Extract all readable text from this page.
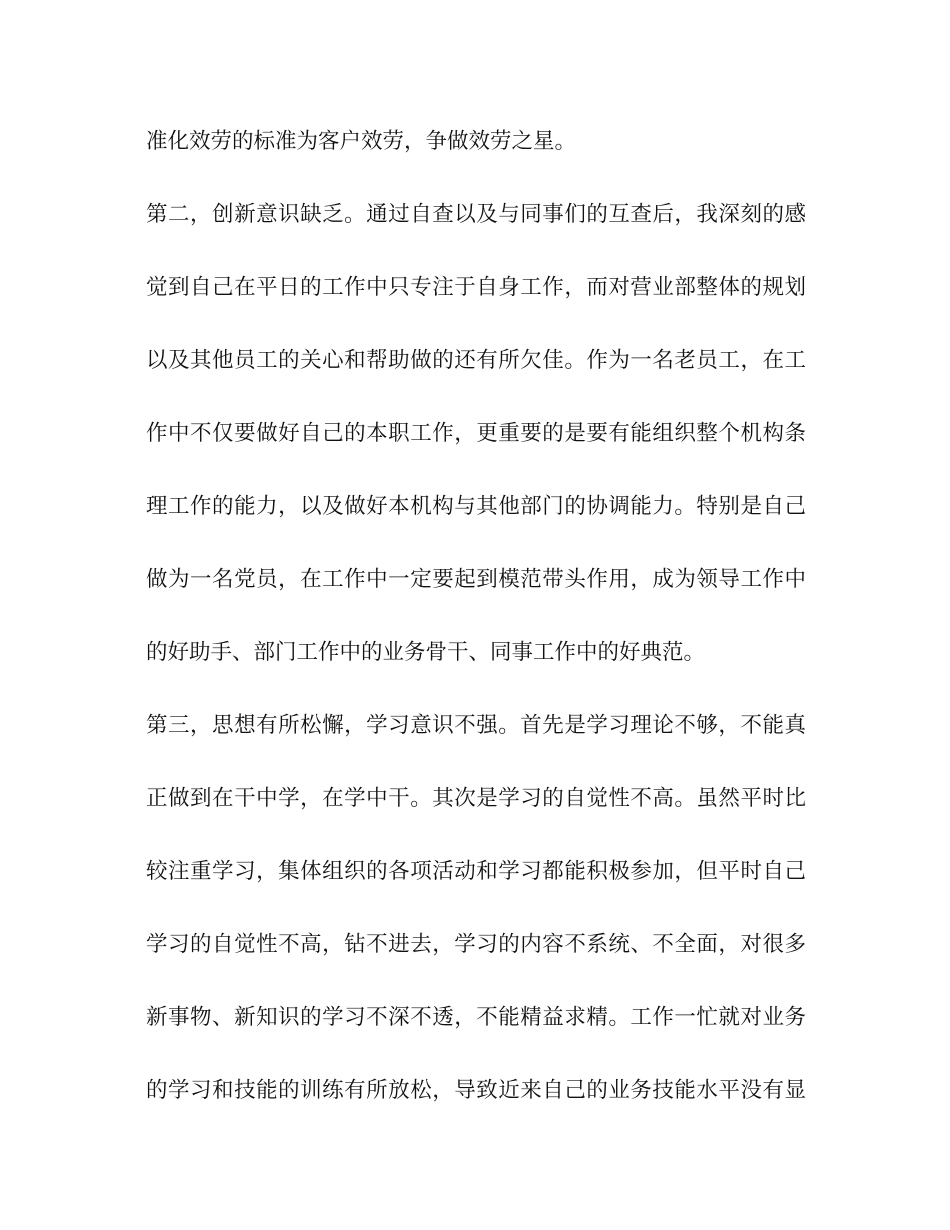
准化效劳的标准为客户效劳，争做效劳之星。
第二，创新意识缺乏。通过自查以及与同事们的互查后，我深刻的感
觉到自己在平日的工作中只专注于自身工作，而对营业部整体的规划
以及其他员工的关心和帮助做的还有所欠佳。作为一名老员工，在工
作中不仅要做好自己的本职工作，更重要的是要有能组织整个机构条
理工作的能力，以及做好本机构与其他部门的协调能力。特别是自己
做为一名党员，在工作中一定要起到模范带头作用，成为领导工作中
的好助手、部门工作中的业务骨干、同事工作中的好典范。
第三，思想有所松懈，学习意识不强。首先是学习理论不够，不能真
正做到在干中学，在学中干。其次是学习的自觉性不高。虽然平时比
较注重学习，集体组织的各项活动和学习都能积极参加，但平时自己
学习的自觉性不高，钻不进去，学习的内容不系统、不全面，对很多
新事物、新知识的学习不深不透，不能精益求精。工作一忙就对业务
的学习和技能的训练有所放松，导致近来自己的业务技能水平没有显
